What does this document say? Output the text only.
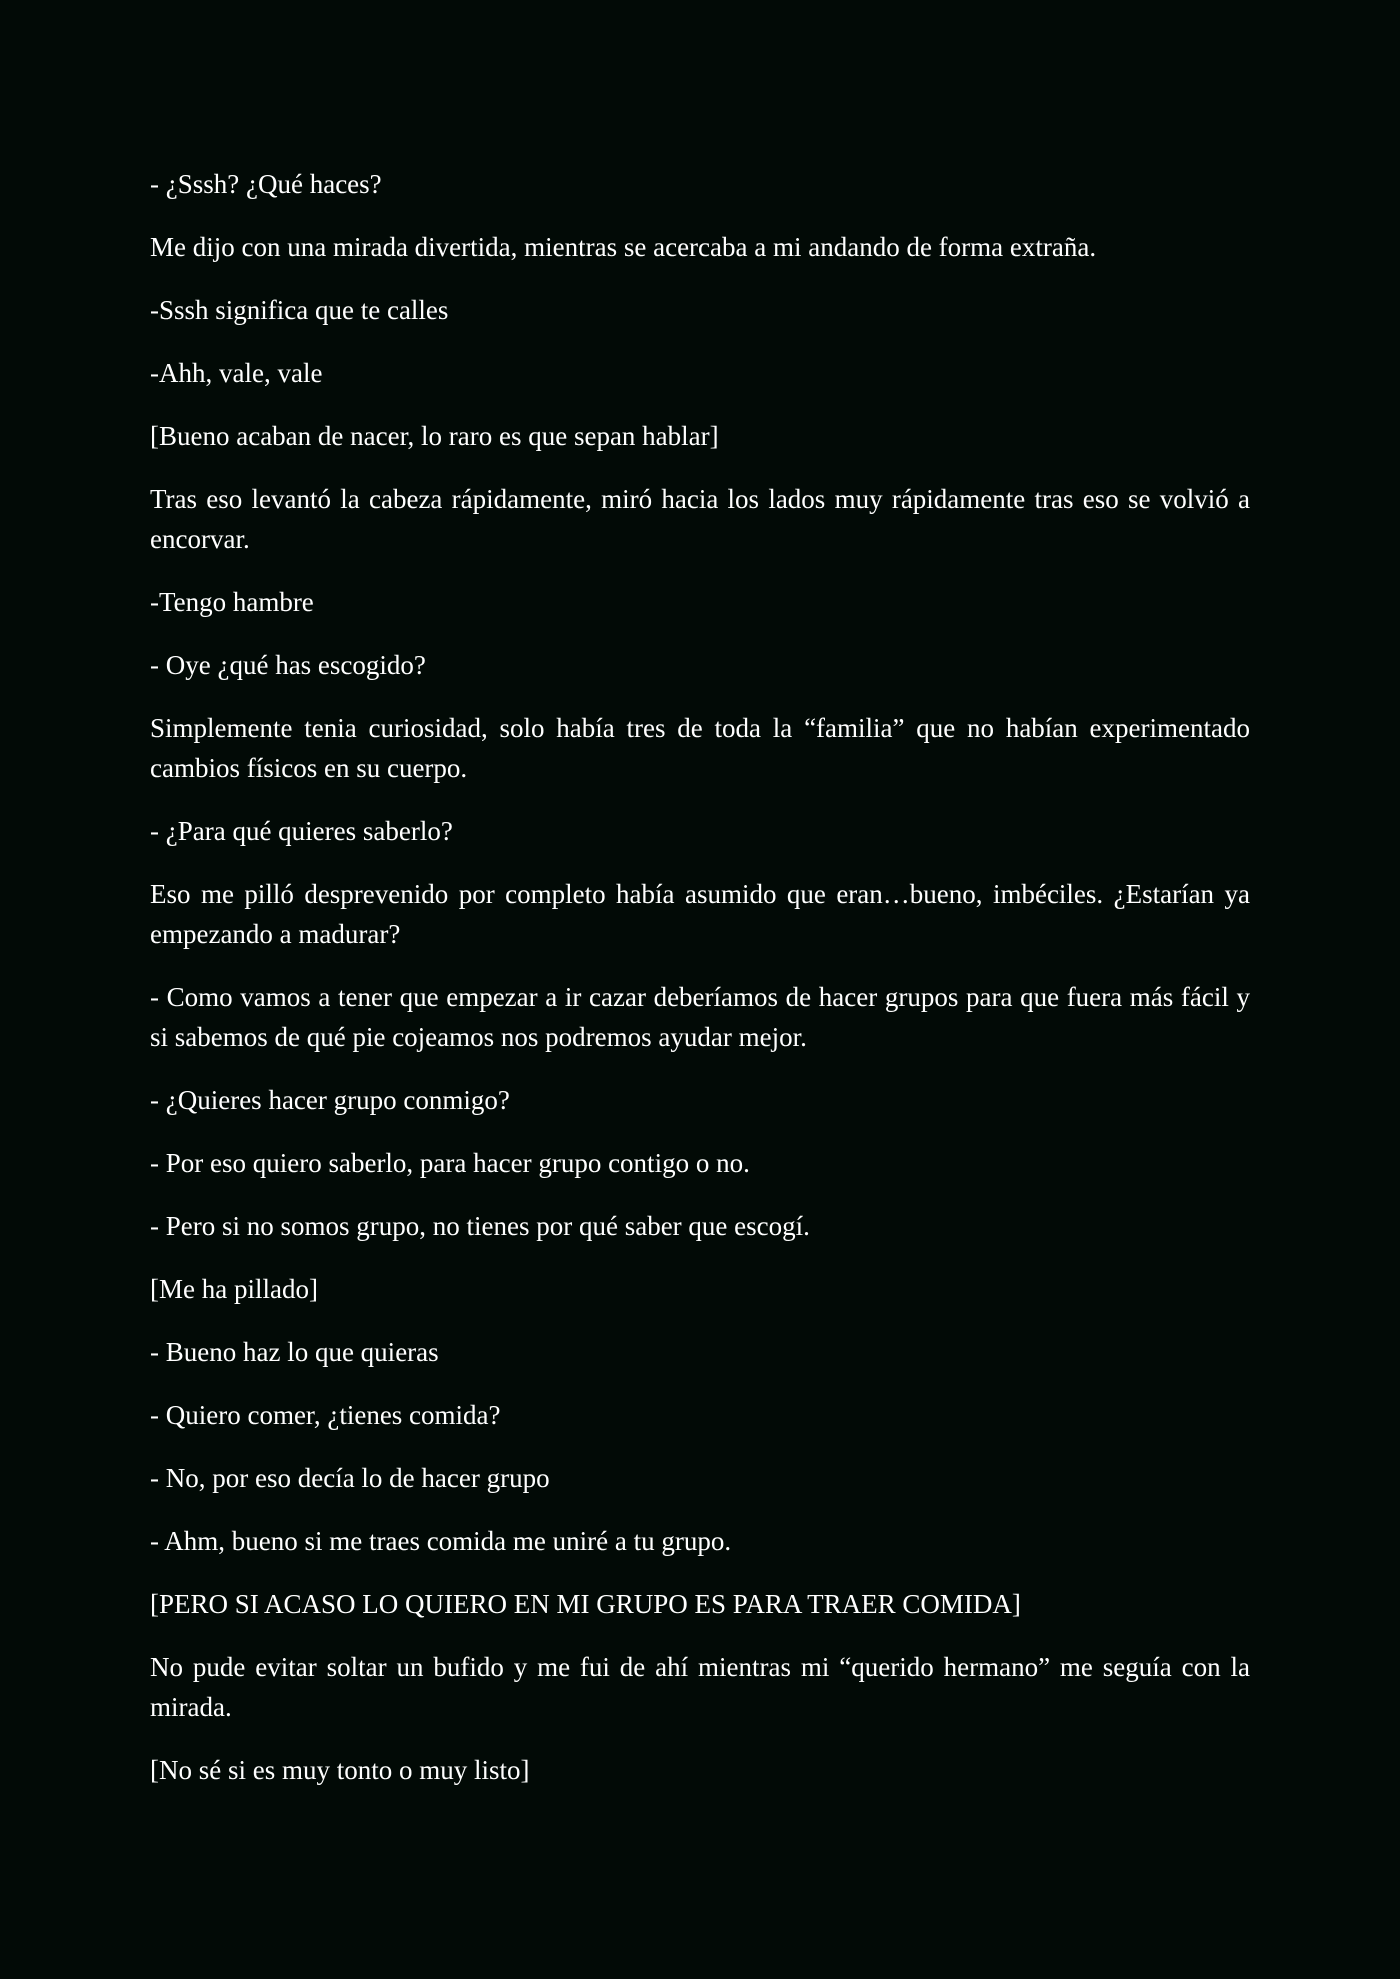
- ¿Sssh? ¿Qué haces?

Me dijo con una mirada divertida, mientras se acercaba a mi andando de forma extraña.

-Sssh significa que te calles

-Ahh, vale, vale

[Bueno acaban de nacer, lo raro es que sepan hablar]

Tras eso levantó la cabeza rápidamente, miró hacia los lados muy rápidamente tras eso se volvió a encorvar.

-Tengo hambre

- Oye ¿qué has escogido?

Simplemente tenia curiosidad, solo había tres de toda la “familia” que no habían experimentado cambios físicos en su cuerpo.

- ¿Para qué quieres saberlo?

Eso me pilló desprevenido por completo había asumido que eran…bueno, imbéciles. ¿Estarían ya empezando a madurar?

- Como vamos a tener que empezar a ir cazar deberíamos de hacer grupos para que fuera más fácil y si sabemos de qué pie cojeamos nos podremos ayudar mejor.

- ¿Quieres hacer grupo conmigo?

- Por eso quiero saberlo, para hacer grupo contigo o no.

- Pero si no somos grupo, no tienes por qué saber que escogí.

[Me ha pillado]

- Bueno haz lo que quieras

- Quiero comer, ¿tienes comida?

- No, por eso decía lo de hacer grupo

- Ahm, bueno si me traes comida me uniré a tu grupo.

[PERO SI ACASO LO QUIERO EN MI GRUPO ES PARA TRAER COMIDA]

No pude evitar soltar un bufido y me fui de ahí mientras mi “querido hermano” me seguía con la mirada.

[No sé si es muy tonto o muy listo]
